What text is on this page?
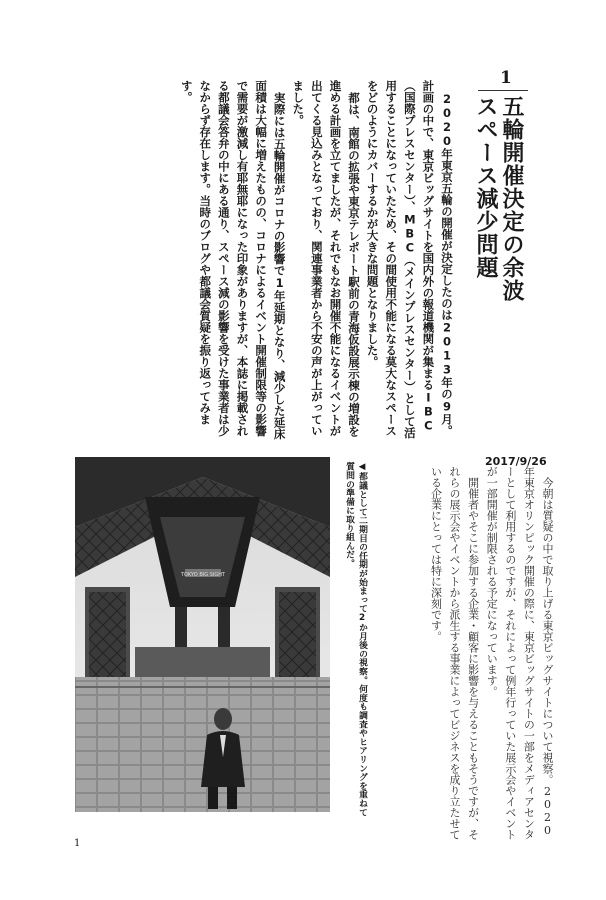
1
五輪開催決定の余波
スペース減少問題

2020年東京五輪の開催が決定したのは2013年の9月。計画の中で、東京ビッグサイトを国内外の報道機関が集まるIBC（国際プレスセンター）、MBC（メインプレスセンター）として活用することになっていたため、その間使用不能になる莫大なスペースをどのようにカバーするかが大きな問題となりました。

都は、南館の拡張や東京テレポート駅前の青海仮設展示棟の増設を進める計画を立てましたが、それでもなお開催不能になるイベントが出てくる見込みとなっており、関連事業者から不安の声が上がっていました。

実際には五輪開催がコロナの影響で1年延期となり、減少した延床面積は大幅に増えたものの、コロナによるイベント開催制限等の影響で需要が激減し有耶無耶になった印象がありますが、本誌に掲載される都議会答弁の中にある通り、スペース減の影響を受けた事業者は少なからず存在します。当時のブログや都議会質疑を振り返ってみます。

2017/9/26

今朝は質疑の中で取り上げる東京ビッグサイトについて視察。2020年東京オリンピック開催の際に、東京ビッグサイトの一部をメディアセンターとして利用するのですが、それによって例年行っていた展示会やイベントが一部開催が制限される予定になっています。

開催者やそこに参加する企業・顧客に影響を与えることもそうですが、それらの展示会やイベントから派生する事業によってビジネスを成り立たせている企業にとっては特に深刻です。

◀都議として二期目の任期が始まって2か月後の視察。何度も調査やヒアリングを重ねて質問の準備に取り組んだ。
TOKYO BIG SIGHT
1
